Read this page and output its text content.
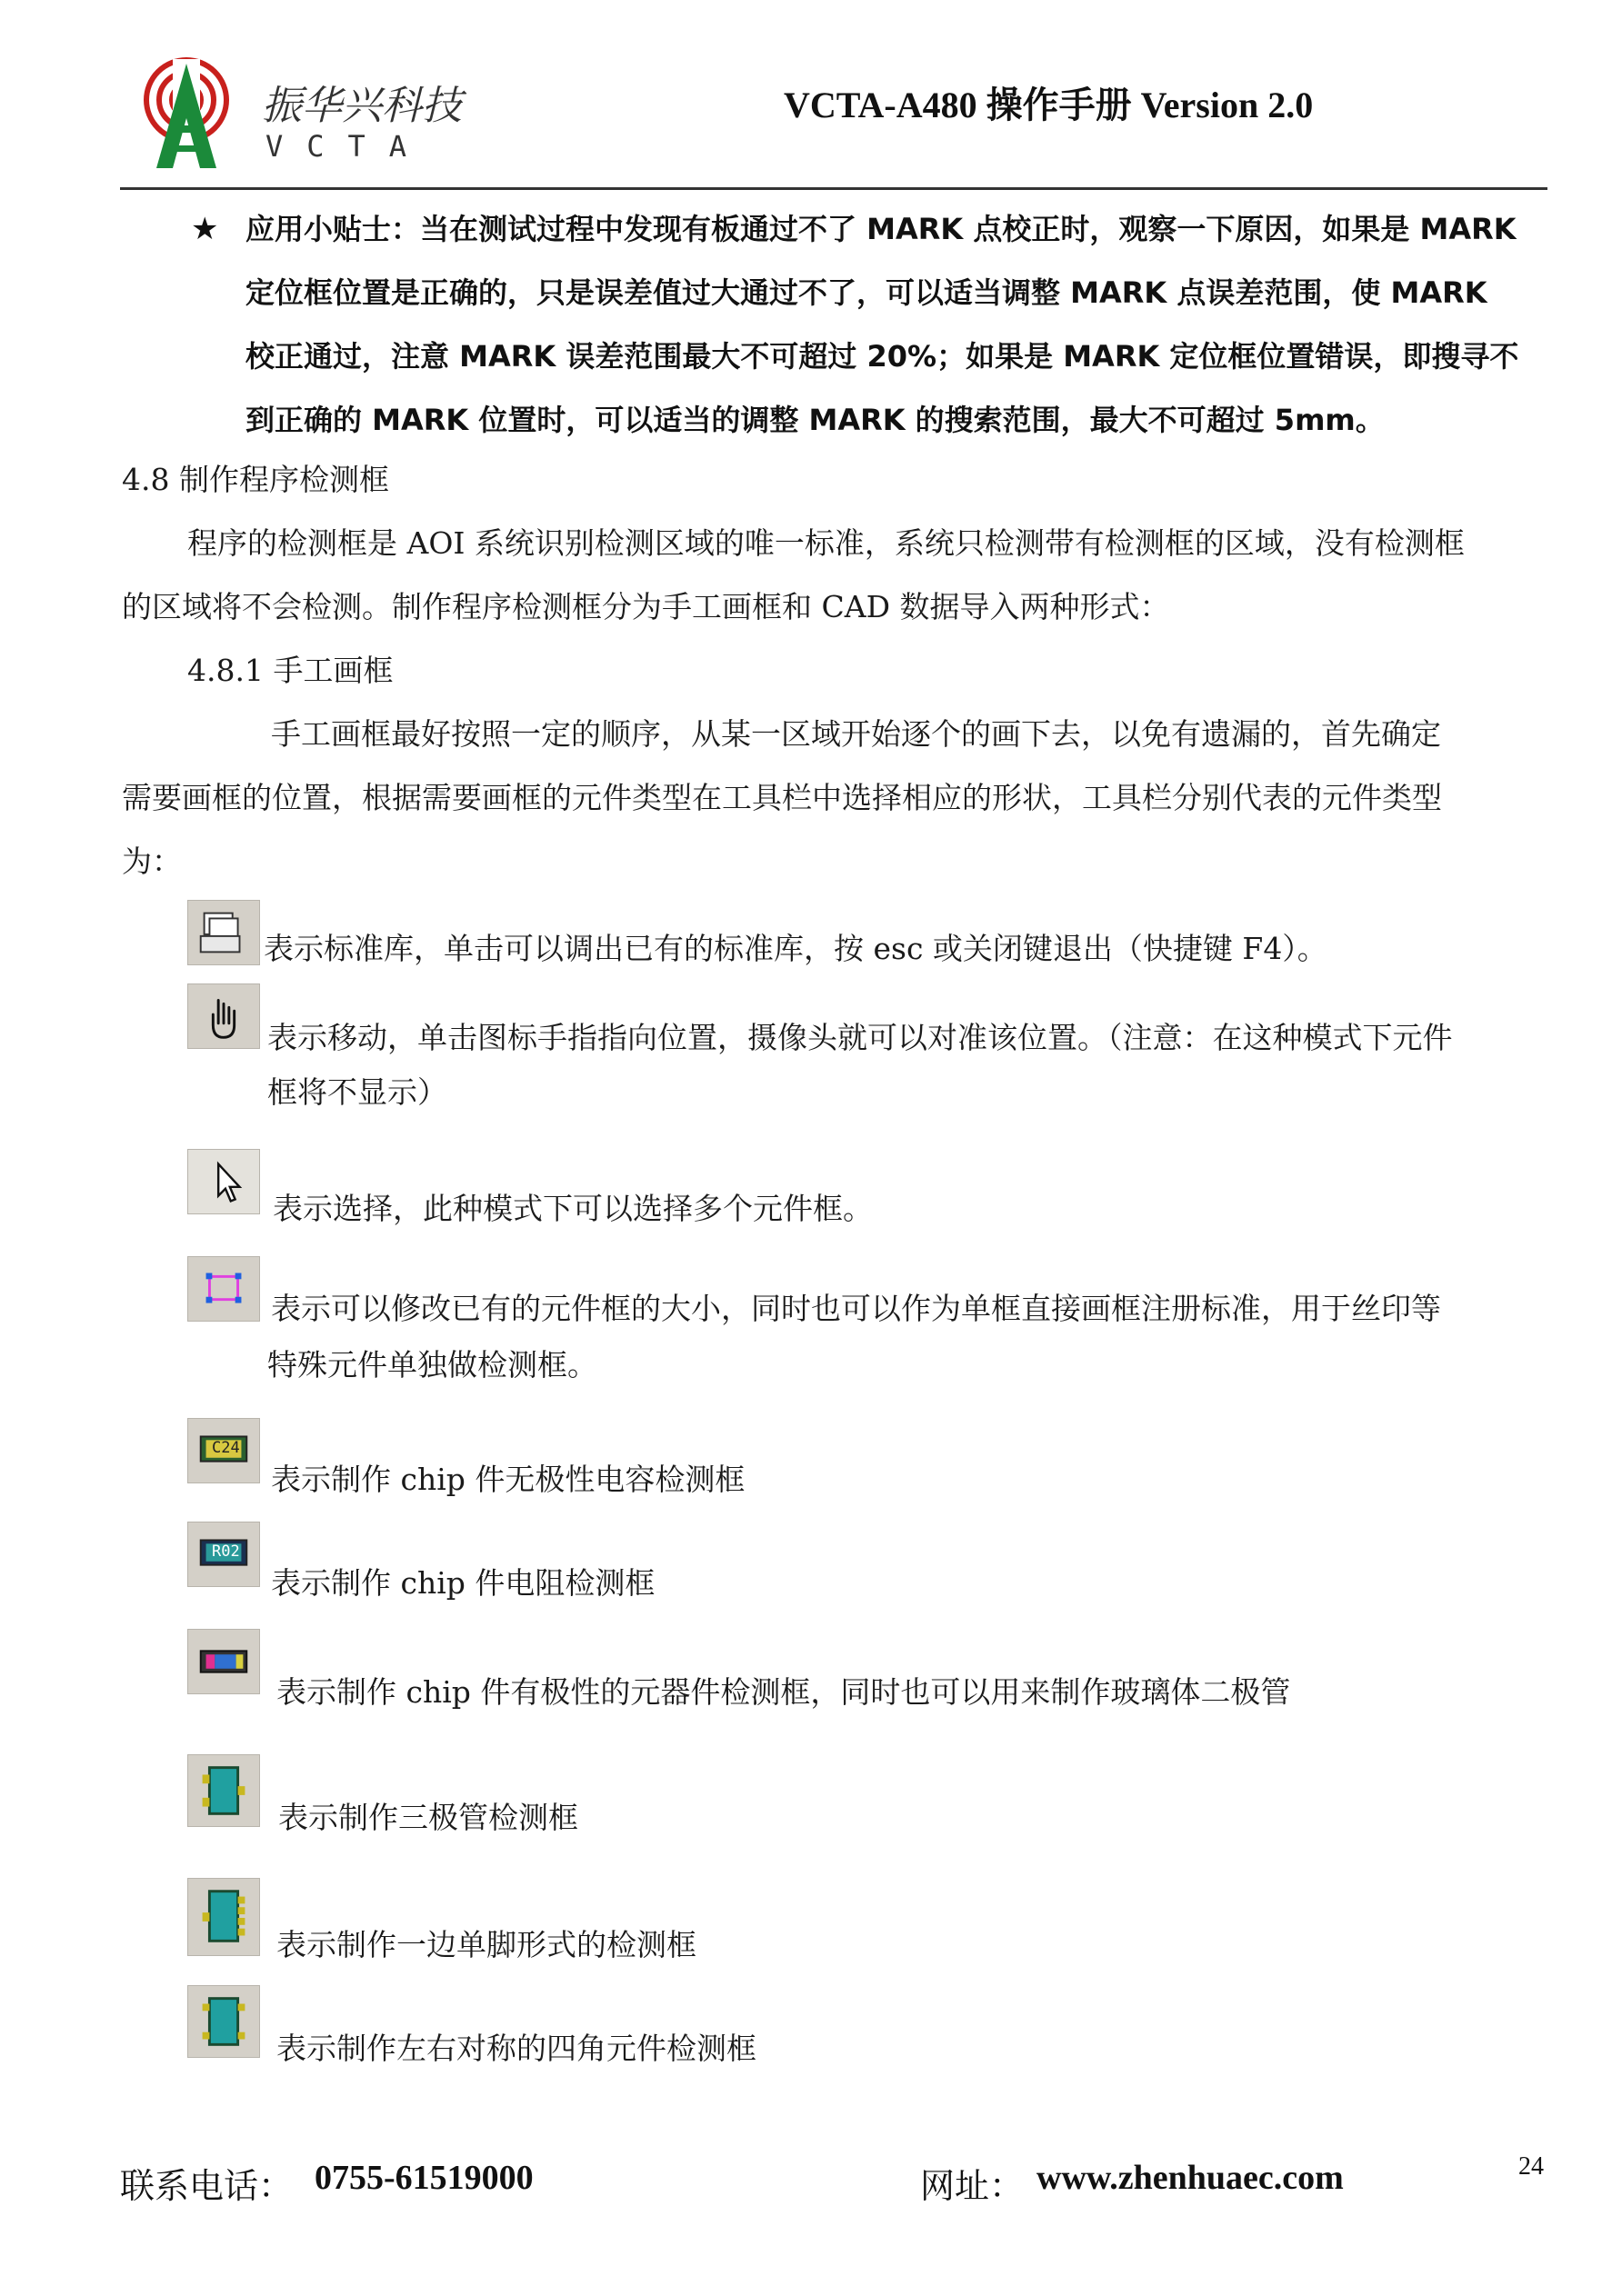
振华兴科技
VCTA
VCTA-A480 操作手册 Version 2.0
★ 应用小贴士：当在测试过程中发现有板通过不了 MARK 点校正时，观察一下原因，如果是 MARK
定位框位置是正确的，只是误差值过大通过不了，可以适当调整 MARK 点误差范围，使 MARK
校正通过，注意 MARK 误差范围最大不可超过 20%；如果是 MARK 定位框位置错误，即搜寻不
到正确的 MARK 位置时，可以适当的调整 MARK 的搜索范围，最大不可超过 5mm。
4.8 制作程序检测框
程序的检测框是 AOI 系统识别检测区域的唯一标准，系统只检测带有检测框的区域，没有检测框
的区域将不会检测。制作程序检测框分为手工画框和 CAD 数据导入两种形式：
4.8.1 手工画框
手工画框最好按照一定的顺序，从某一区域开始逐个的画下去，以免有遗漏的，首先确定
需要画框的位置，根据需要画框的元件类型在工具栏中选择相应的形状，工具栏分别代表的元件类型
为：
表示标准库，单击可以调出已有的标准库，按 esc 或关闭键退出（快捷键 F4）。
表示移动，单击图标手指指向位置，摄像头就可以对准该位置。（注意：在这种模式下元件
框将不显示）
表示选择，此种模式下可以选择多个元件框。
表示可以修改已有的元件框的大小，同时也可以作为单框直接画框注册标准，用于丝印等
特殊元件单独做检测框。
C24
表示制作 chip 件无极性电容检测框
R02
表示制作 chip 件电阻检测框
表示制作 chip 件有极性的元器件检测框，同时也可以用来制作玻璃体二极管
表示制作三极管检测框
表示制作一边单脚形式的检测框
表示制作左右对称的四角元件检测框
联系电话： 0755-61519000	网址： www.zhenhuaec.com	24
